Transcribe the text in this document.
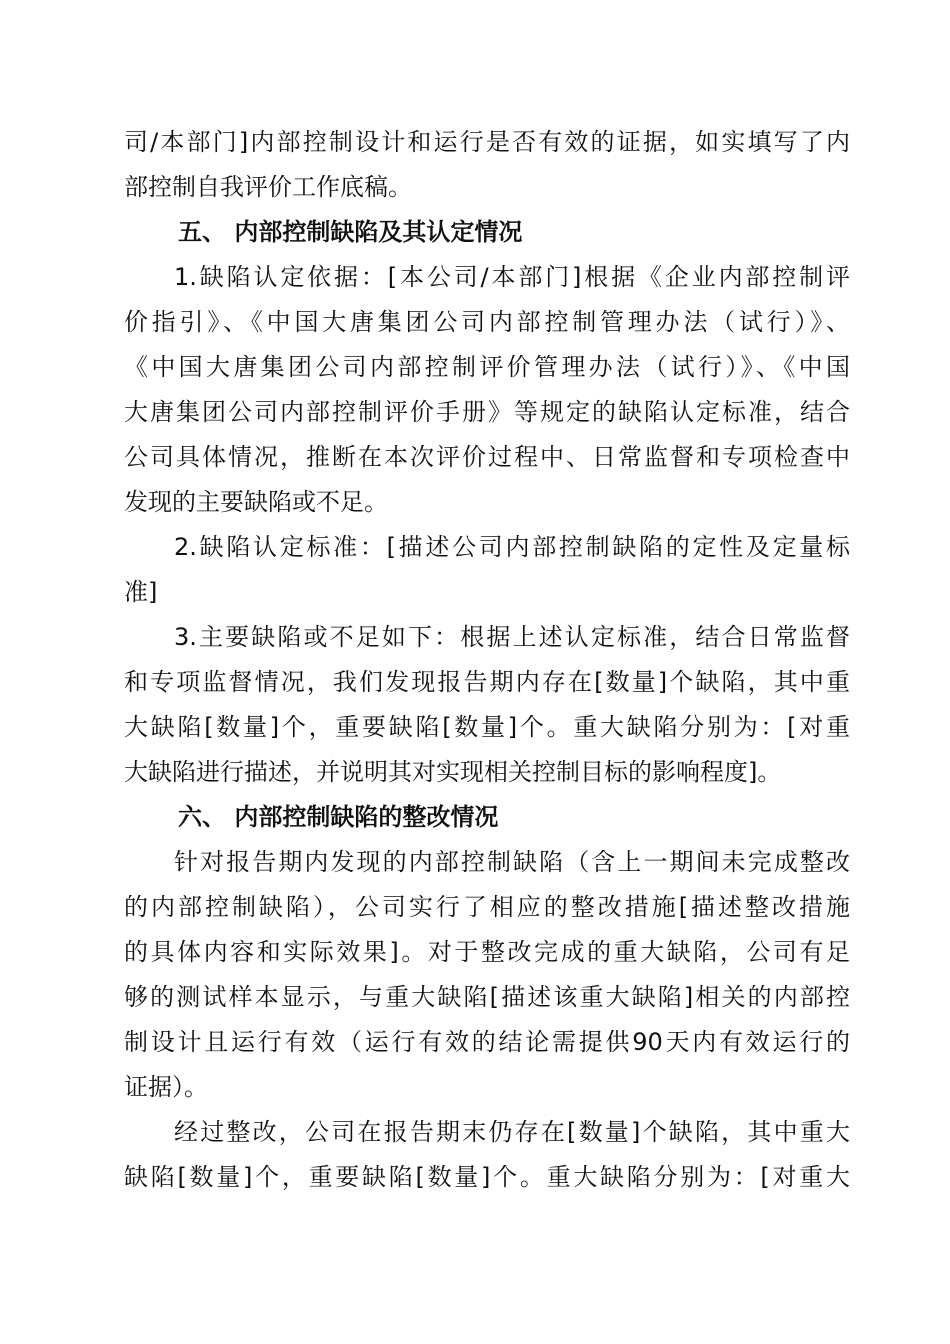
司/本部门]内部控制设计和运行是否有效的证据，如实填写了内
部控制自我评价工作底稿。
五、 内部控制缺陷及其认定情况
1.缺陷认定依据：[本公司/本部门]根据《企业内部控制评
价指引》、《中国大唐集团公司内部控制管理办法（试行）》、
《中国大唐集团公司内部控制评价管理办法（试行）》、《中国
大唐集团公司内部控制评价手册》等规定的缺陷认定标准，结合
公司具体情况，推断在本次评价过程中、日常监督和专项检查中
发现的主要缺陷或不足。
2.缺陷认定标准：[描述公司内部控制缺陷的定性及定量标
准]
3.主要缺陷或不足如下：根据上述认定标准，结合日常监督
和专项监督情况，我们发现报告期内存在[数量]个缺陷，其中重
大缺陷[数量]个，重要缺陷[数量]个。重大缺陷分别为：[对重
大缺陷进行描述，并说明其对实现相关控制目标的影响程度]。
六、 内部控制缺陷的整改情况
针对报告期内发现的内部控制缺陷（含上一期间未完成整改
的内部控制缺陷），公司实行了相应的整改措施[描述整改措施
的具体内容和实际效果]。对于整改完成的重大缺陷，公司有足
够的测试样本显示，与重大缺陷[描述该重大缺陷]相关的内部控
制设计且运行有效（运行有效的结论需提供90天内有效运行的
证据）。
经过整改，公司在报告期末仍存在[数量]个缺陷，其中重大
缺陷[数量]个，重要缺陷[数量]个。重大缺陷分别为：[对重大
